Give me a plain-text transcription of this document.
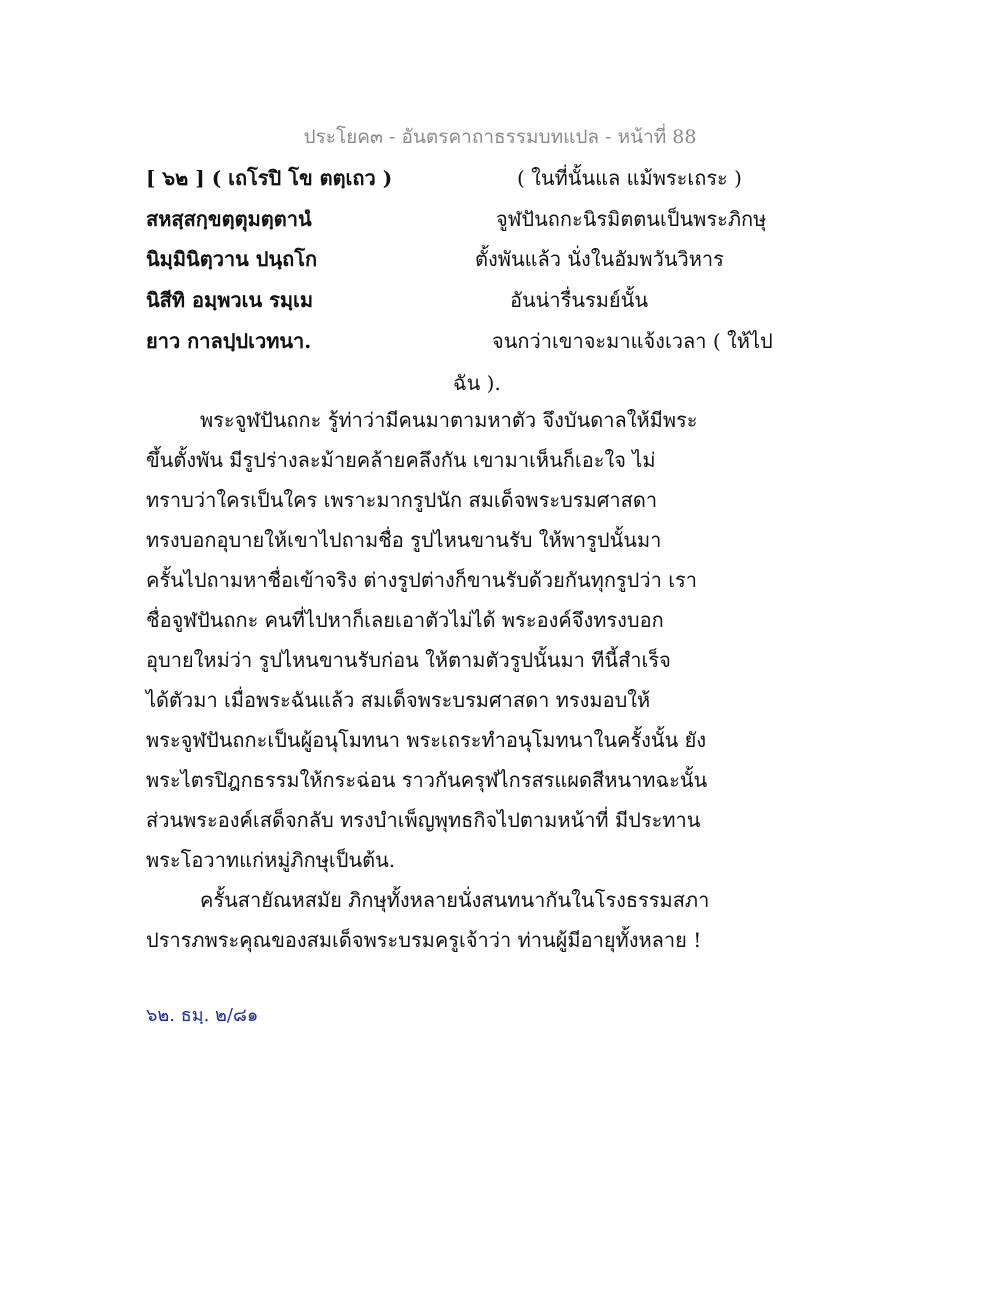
ประโยค๓ - อันตรคาถาธรรมบทแปล - หน้าที่ 88
[ ๖๒ ] ( เถโรปิ โข ตตฺเถว )	( ในที่นั้นแล แม้พระเถระ )
สหสฺสกฺขตฺตุมตฺตานํ	จูฬปันถกะนิรมิตตนเป็นพระภิกษุ
นิมฺมินิตฺวาน ปนฺถโก	ตั้งพันแล้ว นั่งในอัมพวันวิหาร
นิสีทิ อมฺพวเน รมฺเม	อันน่ารื่นรมย์นั้น
ยาว กาลปฺปเวทนา.	จนกว่าเขาจะมาแจ้งเวลา ( ให้ไป
ฉัน ).
พระจูฬปันถกะ รู้ท่าว่ามีคนมาตามหาตัว จึงบันดาลให้มีพระ
ขึ้นตั้งพัน มีรูปร่างละม้ายคล้ายคลึงกัน เขามาเห็นก็เอะใจ ไม่
ทราบว่าใครเป็นใคร เพราะมากรูปนัก สมเด็จพระบรมศาสดา
ทรงบอกอุบายให้เขาไปถามชื่อ รูปไหนขานรับ ให้พารูปนั้นมา
ครั้นไปถามหาชื่อเข้าจริง ต่างรูปต่างก็ขานรับด้วยกันทุกรูปว่า เรา
ชื่อจูฬปันถกะ คนที่ไปหาก็เลยเอาตัวไม่ได้ พระองค์จึงทรงบอก
อุบายใหม่ว่า รูปไหนขานรับก่อน ให้ตามตัวรูปนั้นมา ทีนี้สำเร็จ
ได้ตัวมา เมื่อพระฉันแล้ว สมเด็จพระบรมศาสดา ทรงมอบให้
พระจูฬปันถกะเป็นผู้อนุโมทนา พระเถระทำอนุโมทนาในครั้งนั้น ยัง
พระไตรปิฎกธรรมให้กระฉ่อน ราวกันครุฬไกรสรแผดสีหนาทฉะนั้น
ส่วนพระองค์เสด็จกลับ ทรงบำเพ็ญพุทธกิจไปตามหน้าที่ มีประทาน
พระโอวาทแก่หมู่ภิกษุเป็นต้น.
ครั้นสายัณหสมัย ภิกษุทั้งหลายนั่งสนทนากันในโรงธรรมสภา
ปรารภพระคุณของสมเด็จพระบรมครูเจ้าว่า ท่านผู้มีอายุทั้งหลาย !
๖๒. ธมฺ. ๒/๘๑
